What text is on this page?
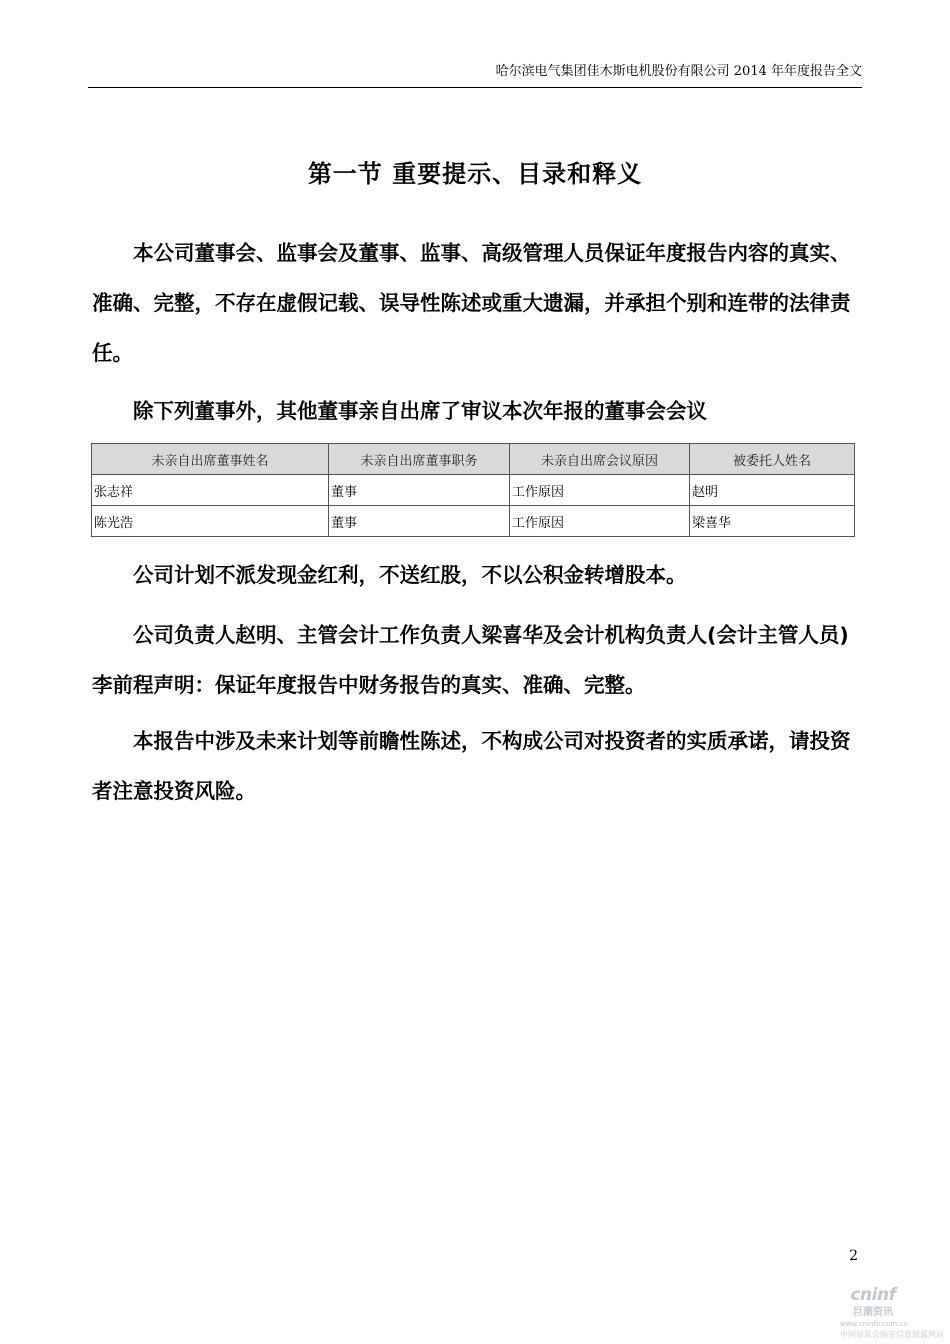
哈尔滨电气集团佳木斯电机股份有限公司 2014 年年度报告全文
第一节 重要提示、目录和释义
本公司董事会、监事会及董事、监事、高级管理人员保证年度报告内容的真实、准确、完整，不存在虚假记载、误导性陈述或重大遗漏，并承担个别和连带的法律责任。
除下列董事外，其他董事亲自出席了审议本次年报的董事会会议
未亲自出席董事姓名	未亲自出席董事职务	未亲自出席会议原因	被委托人姓名
张志祥	董事	工作原因	赵明
陈光浩	董事	工作原因	梁喜华
公司计划不派发现金红利，不送红股，不以公积金转增股本。
公司负责人赵明、主管会计工作负责人梁喜华及会计机构负责人(会计主管人员)李前程声明：保证年度报告中财务报告的真实、准确、完整。
本报告中涉及未来计划等前瞻性陈述，不构成公司对投资者的实质承诺，请投资者注意投资风险。
2
cninf
巨潮资讯
www.cninfo.com.cn
中国证监会指定信息披露网站
